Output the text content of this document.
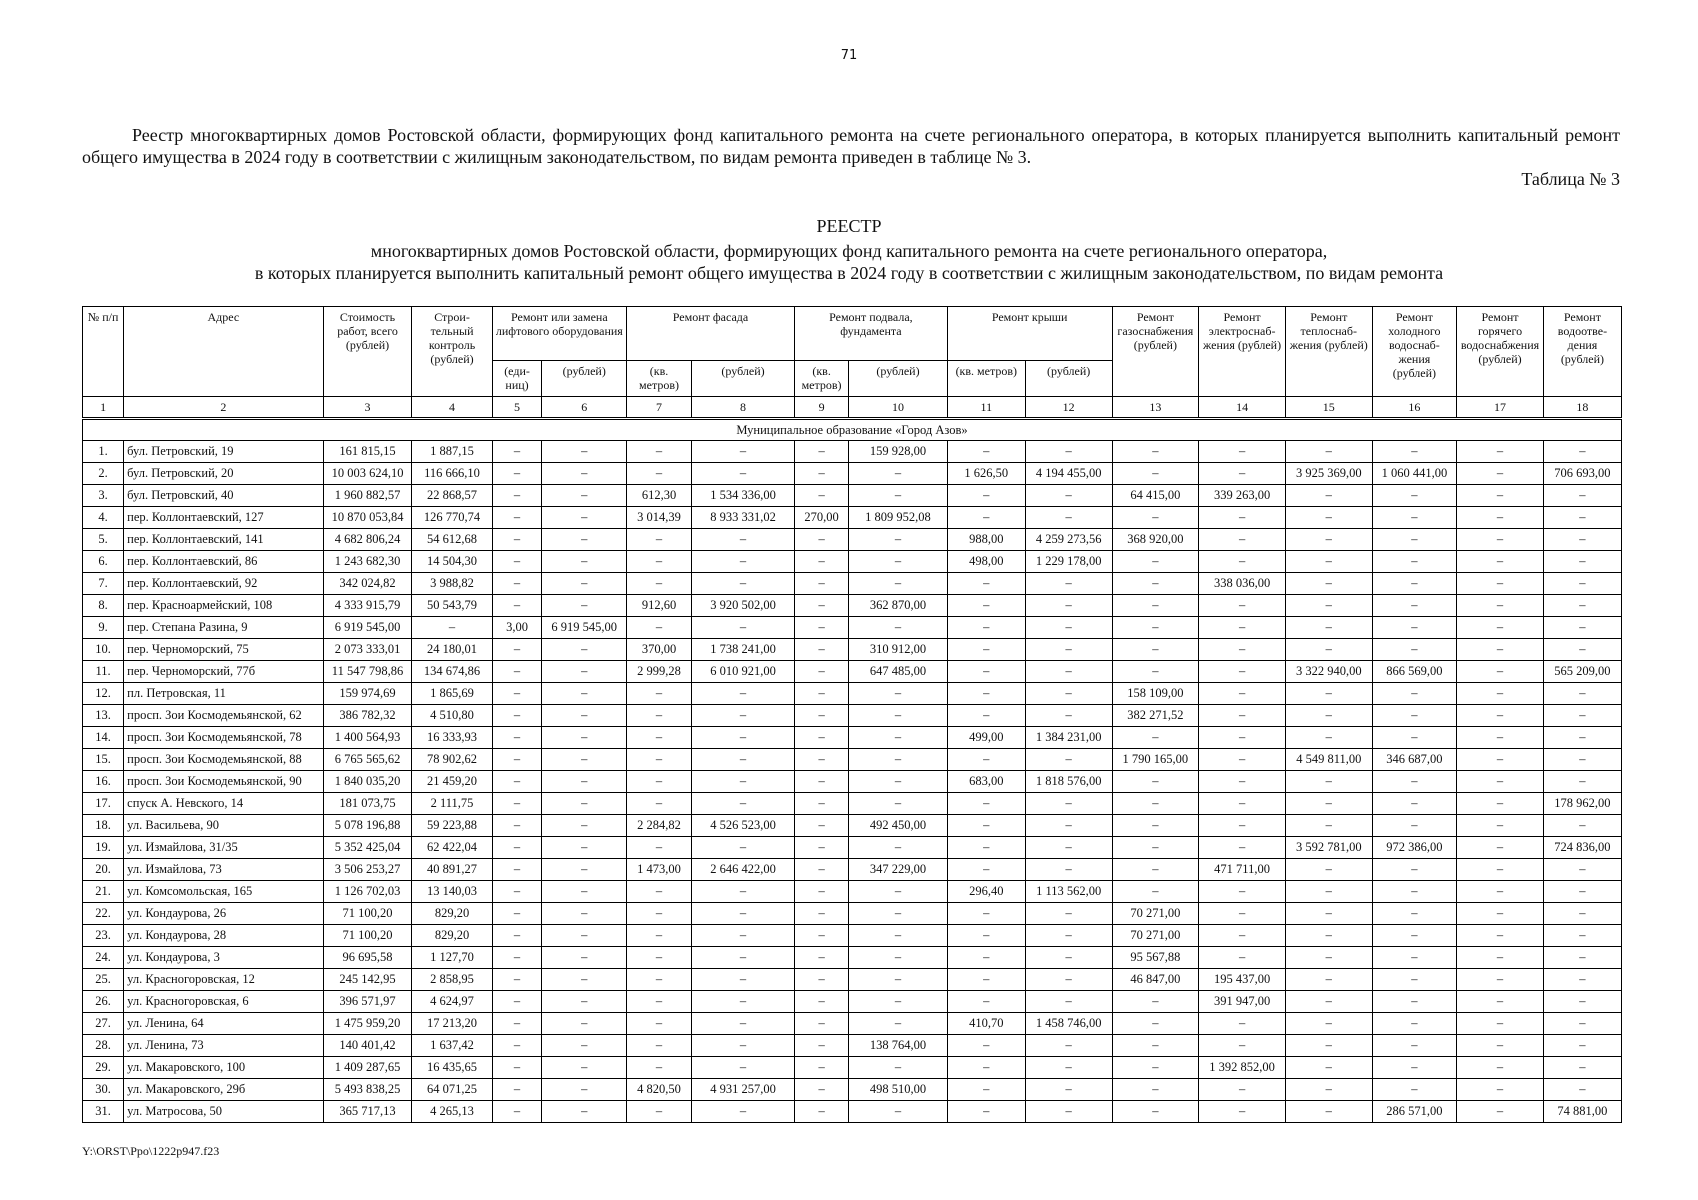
71
Реестр многоквартирных домов Ростовской области, формирующих фонд капитального ремонта на счете регионального оператора, в которых планируется выполнить капитальный ремонт общего имущества в 2024 году в соответствии с жилищным законодательством, по видам ремонта приведен в таблице № 3.
Таблица № 3
РЕЕСТР
многоквартирных домов Ростовской области, формирующих фонд капитального ремонта на счете регионального оператора,
в которых планируется выполнить капитальный ремонт общего имущества в 2024 году в соответствии с жилищным законодательством, по видам ремонта
№ п/п	Адрес	Стоимость работ, всего (рублей)	Строительный контроль (рублей)	Ремонт или замена лифтового оборудования		Ремонт фасада		Ремонт подвала, фундамента		Ремонт крыши		Ремонт газоснабжения (рублей)	Ремонт электроснабжения (рублей)	Ремонт теплоснабжения (рублей)	Ремонт холодного водоснабжения (рублей)	Ремонт горячего водоснабжения (рублей)	Ремонт водоотведения (рублей)
				(единиц)	(рублей)	(кв. метров)	(рублей)	(кв. метров)	(рублей)	(кв. метров)	(рублей)						
1	2	3	4	5	6	7	8	9	10	11	12	13	14	15	16	17	18
Муниципальное образование «Город Азов»																	
1.	бул. Петровский, 19	161 815,15	1 887,15	–	–	–	–	–	159 928,00	–	–	–	–	–	–	–	–
2.	бул. Петровский, 20	10 003 624,10	116 666,10	–	–	–	–	–	–	1 626,50	4 194 455,00	–	–	3 925 369,00	1 060 441,00	–	706 693,00
3.	бул. Петровский, 40	1 960 882,57	22 868,57	–	–	612,30	1 534 336,00	–	–	–	–	64 415,00	339 263,00	–	–	–	–
4.	пер. Коллонтаевский, 127	10 870 053,84	126 770,74	–	–	3 014,39	8 933 331,02	270,00	1 809 952,08	–	–	–	–	–	–	–	–
5.	пер. Коллонтаевский, 141	4 682 806,24	54 612,68	–	–	–	–	–	–	988,00	4 259 273,56	368 920,00	–	–	–	–	–
6.	пер. Коллонтаевский, 86	1 243 682,30	14 504,30	–	–	–	–	–	–	498,00	1 229 178,00	–	–	–	–	–	–
7.	пер. Коллонтаевский, 92	342 024,82	3 988,82	–	–	–	–	–	–	–	–	–	338 036,00	–	–	–	–
8.	пер. Красноармейский, 108	4 333 915,79	50 543,79	–	–	912,60	3 920 502,00	–	362 870,00	–	–	–	–	–	–	–	–
9.	пер. Степана Разина, 9	6 919 545,00	–	3,00	6 919 545,00	–	–	–	–	–	–	–	–	–	–	–	–
10.	пер. Черноморский, 75	2 073 333,01	24 180,01	–	–	370,00	1 738 241,00	–	310 912,00	–	–	–	–	–	–	–	–
11.	пер. Черноморский, 77б	11 547 798,86	134 674,86	–	–	2 999,28	6 010 921,00	–	647 485,00	–	–	–	–	3 322 940,00	866 569,00	–	565 209,00
12.	пл. Петровская, 11	159 974,69	1 865,69	–	–	–	–	–	–	–	–	158 109,00	–	–	–	–	–
13.	просп. Зои Космодемьянской, 62	386 782,32	4 510,80	–	–	–	–	–	–	–	–	382 271,52	–	–	–	–	–
14.	просп. Зои Космодемьянской, 78	1 400 564,93	16 333,93	–	–	–	–	–	–	499,00	1 384 231,00	–	–	–	–	–	–
15.	просп. Зои Космодемьянской, 88	6 765 565,62	78 902,62	–	–	–	–	–	–	–	–	1 790 165,00	–	4 549 811,00	346 687,00	–	–
16.	просп. Зои Космодемьянской, 90	1 840 035,20	21 459,20	–	–	–	–	–	–	683,00	1 818 576,00	–	–	–	–	–	–
17.	спуск А. Невского, 14	181 073,75	2 111,75	–	–	–	–	–	–	–	–	–	–	–	–	–	178 962,00
18.	ул. Васильева, 90	5 078 196,88	59 223,88	–	–	2 284,82	4 526 523,00	–	492 450,00	–	–	–	–	–	–	–	–
19.	ул. Измайлова, 31/35	5 352 425,04	62 422,04	–	–	–	–	–	–	–	–	–	–	3 592 781,00	972 386,00	–	724 836,00
20.	ул. Измайлова, 73	3 506 253,27	40 891,27	–	–	1 473,00	2 646 422,00	–	347 229,00	–	–	–	471 711,00	–	–	–	–
21.	ул. Комсомольская, 165	1 126 702,03	13 140,03	–	–	–	–	–	–	296,40	1 113 562,00	–	–	–	–	–	–
22.	ул. Кондаурова, 26	71 100,20	829,20	–	–	–	–	–	–	–	–	70 271,00	–	–	–	–	–
23.	ул. Кондаурова, 28	71 100,20	829,20	–	–	–	–	–	–	–	–	70 271,00	–	–	–	–	–
24.	ул. Кондаурова, 3	96 695,58	1 127,70	–	–	–	–	–	–	–	–	95 567,88	–	–	–	–	–
25.	ул. Красногоровская, 12	245 142,95	2 858,95	–	–	–	–	–	–	–	–	46 847,00	195 437,00	–	–	–	–
26.	ул. Красногоровская, 6	396 571,97	4 624,97	–	–	–	–	–	–	–	–	–	391 947,00	–	–	–	–
27.	ул. Ленина, 64	1 475 959,20	17 213,20	–	–	–	–	–	–	410,70	1 458 746,00	–	–	–	–	–	–
28.	ул. Ленина, 73	140 401,42	1 637,42	–	–	–	–	–	138 764,00	–	–	–	–	–	–	–	–
29.	ул. Макаровского, 100	1 409 287,65	16 435,65	–	–	–	–	–	–	–	–	–	1 392 852,00	–	–	–	–
30.	ул. Макаровского, 29б	5 493 838,25	64 071,25	–	–	4 820,50	4 931 257,00	–	498 510,00	–	–	–	–	–	–	–	–
31.	ул. Матросова, 50	365 717,13	4 265,13	–	–	–	–	–	–	–	–	–	–	–	286 571,00	–	74 881,00
Y:\ORST\Ppo\1222p947.f23
